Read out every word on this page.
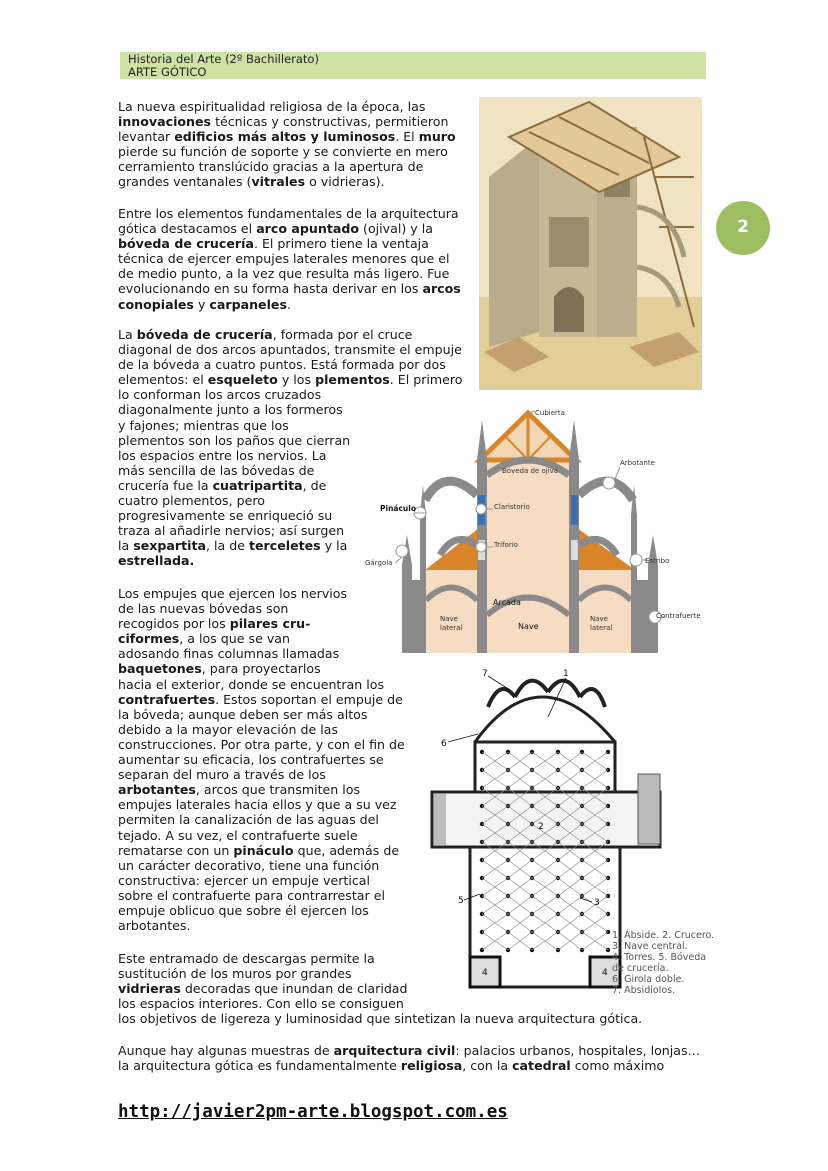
Historia del Arte (2º Bachillerato)
ARTE GÓTICO
2
La nueva espiritualidad religiosa de la época, las
innovaciones técnicas y constructivas, permitieron
levantar edificios más altos y luminosos. El muro
pierde su función de soporte y se convierte en mero
cerramiento translúcido gracias a la apertura de
grandes ventanales (vitrales o vidrieras).
Entre los elementos fundamentales de la arquitectura
gótica destacamos el arco apuntado (ojival) y la
bóveda de crucería. El primero tiene la ventaja
técnica de ejercer empujes laterales menores que el
de medio punto, a la vez que resulta más ligero. Fue
evolucionando en su forma hasta derivar en los arcos
conopiales y carpaneles.
La bóveda de crucería, formada por el cruce
diagonal de dos arcos apuntados, transmite el empuje
de la bóveda a cuatro puntos. Está formada por dos
elementos: el esqueleto y los plementos. El primero
lo conforman los arcos cruzados
diagonalmente junto a los formeros
y fajones; mientras que los
plementos son los paños que cierran
los espacios entre los nervios. La
más sencilla de las bóvedas de
crucería fue la cuatripartita, de
cuatro plementos, pero
progresivamente se enriqueció su
traza al añadirle nervios; así surgen
la sexpartita, la de terceletes y la
estrellada.
Los empujes que ejercen los nervios
de las nuevas bóvedas son
recogidos por los pilares cru-
ciformes, a los que se van
adosando finas columnas llamadas
baquetones, para proyectarlos
hacia el exterior, donde se encuentran los
contrafuertes. Estos soportan el empuje de
la bóveda; aunque deben ser más altos
debido a la mayor elevación de las
construcciones. Por otra parte, y con el fin de
aumentar su eficacia, los contrafuertes se
separan del muro a través de los
arbotantes, arcos que transmiten los
empujes laterales hacia ellos y que a su vez
permiten la canalización de las aguas del
tejado. A su vez, el contrafuerte suele
rematarse con un pináculo que, además de
un carácter decorativo, tiene una función
constructiva: ejercer un empuje vertical
sobre el contrafuerte para contrarrestar el
empuje oblicuo que sobre él ejercen los
arbotantes.
Este entramado de descargas permite la
sustitución de los muros por grandes
vidrieras decoradas que inundan de claridad
los espacios interiores. Con ello se consiguen
los objetivos de ligereza y luminosidad que sintetizan la nueva arquitectura gótica.
Aunque hay algunas muestras de arquitectura civil: palacios urbanos, hospitales, lonjas…
la arquitectura gótica es fundamentalmente religiosa, con la catedral como máximo
Cubierta
Arbotante
Bóveda de ojiva
Pináculo	Claristorio
Triforio
Gárgola	Estribo
Arcada
Nave
lateral	Nave
Nave
lateral
Contrafuerte
7	1
6
2
5	3
4	4
1. Ábside. 2. Crucero.
3. Nave central.
4. Torres. 5. Bóveda
de crucería.
6. Girola doble.
7. Absidiolos.
http://javier2pm-arte.blogspot.com.es
